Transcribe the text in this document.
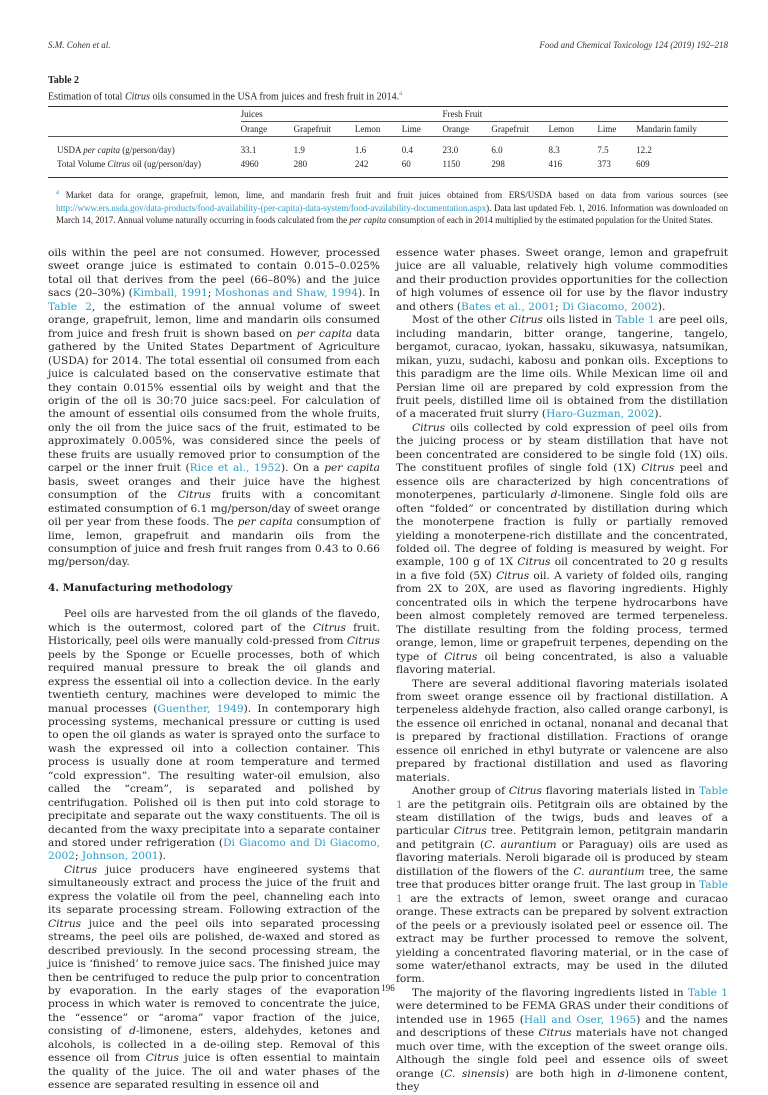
S.M. Cohen et al.	Food and Chemical Toxicology 124 (2019) 192–218
Table 2
Estimation of total Citrus oils consumed in the USA from juices and fresh fruit in 2014.$^a$
	Juices				Fresh Fruit				
	Orange	Grapefruit	Lemon	Lime	Orange	Grapefruit	Lemon	Lime	Mandarin family

USDA per capita (g/person/day)	33.1	1.9	1.6	0.4	23.0	6.0	8.3	7.5	12.2
Total Volume Citrus oil (ug/person/day)	4960	280	242	60	1150	298	416	373	609

$^a$ Market data for orange, grapefruit, lemon, lime, and mandarin fresh fruit and fruit juices obtained from ERS/USDA based on data from various sources (see http://www.ers.usda.gov/data-products/food-availability-(per-capita)-data-system/food-availability-documentation.aspx). Data last updated Feb. 1, 2016. Information was downloaded on March 14, 2017. Annual volume naturally occurring in foods calculated from the per capita consumption of each in 2014 multiplied by the estimated population for the United States.

oils within the peel are not consumed. However, processed sweet orange juice is estimated to contain 0.015–0.025% total oil that derives from the peel (66–80%) and the juice sacs (20–30%) (Kimball, 1991; Moshonas and Shaw, 1994). In Table 2, the estimation of the annual volume of sweet orange, grapefruit, lemon, lime and mandarin oils consumed from juice and fresh fruit is shown based on per capita data gathered by the United States Department of Agriculture (USDA) for 2014. The total essential oil consumed from each juice is calculated based on the conservative estimate that they contain 0.015% essential oils by weight and that the origin of the oil is 30:70 juice sacs:peel. For calculation of the amount of essential oils consumed from the whole fruits, only the oil from the juice sacs of the fruit, estimated to be approximately 0.005%, was considered since the peels of these fruits are usually removed prior to consumption of the carpel or the inner fruit (Rice et al., 1952). On a per capita basis, sweet oranges and their juice have the highest consumption of the Citrus fruits with a concomitant estimated consumption of 6.1 mg/person/day of sweet orange oil per year from these foods. The per capita consumption of lime, lemon, grapefruit and mandarin oils from the consumption of juice and fresh fruit ranges from 0.43 to 0.66 mg/person/day.

4. Manufacturing methodology

Peel oils are harvested from the oil glands of the flavedo, which is the outermost, colored part of the Citrus fruit. Historically, peel oils were manually cold-pressed from Citrus peels by the Sponge or Ecuelle processes, both of which required manual pressure to break the oil glands and express the essential oil into a collection device. In the early twentieth century, machines were developed to mimic the manual processes (Guenther, 1949). In contemporary high processing systems, mechanical pressure or cutting is used to open the oil glands as water is sprayed onto the surface to wash the expressed oil into a collection container. This process is usually done at room temperature and termed “cold expression”. The resulting water-oil emulsion, also called the “cream”, is separated and polished by centrifugation. Polished oil is then put into cold storage to precipitate and separate out the waxy constituents. The oil is decanted from the waxy precipitate into a separate container and stored under refrigeration (Di Giacomo and Di Giacomo, 2002; Johnson, 2001).

Citrus juice producers have engineered systems that simultaneously extract and process the juice of the fruit and express the volatile oil from the peel, channeling each into its separate processing stream. Following extraction of the Citrus juice and the peel oils into separated processing streams, the peel oils are polished, de-waxed and stored as described previously. In the second processing stream, the juice is ‘finished’ to remove juice sacs. The finished juice may then be centrifuged to reduce the pulp prior to concentration by evaporation. In the early stages of the evaporation process in which water is removed to concentrate the juice, the “essence” or “aroma” vapor fraction of the juice, consisting of d-limonene, esters, aldehydes, ketones and alcohols, is collected in a de-oiling step. Removal of this essence oil from Citrus juice is often essential to maintain the quality of the juice. The oil and water phases of the essence are separated resulting in essence oil and

essence water phases. Sweet orange, lemon and grapefruit juice are all valuable, relatively high volume commodities and their production provides opportunities for the collection of high volumes of essence oil for use by the flavor industry and others (Bates et al., 2001; Di Giacomo, 2002).

Most of the other Citrus oils listed in Table 1 are peel oils, including mandarin, bitter orange, tangerine, tangelo, bergamot, curacao, iyokan, hassaku, sikuwasya, natsumikan, mikan, yuzu, sudachi, kabosu and ponkan oils. Exceptions to this paradigm are the lime oils. While Mexican lime oil and Persian lime oil are prepared by cold expression from the fruit peels, distilled lime oil is obtained from the distillation of a macerated fruit slurry (Haro-Guzman, 2002).

Citrus oils collected by cold expression of peel oils from the juicing process or by steam distillation that have not been concentrated are considered to be single fold (1X) oils. The constituent profiles of single fold (1X) Citrus peel and essence oils are characterized by high concentrations of monoterpenes, particularly d-limonene. Single fold oils are often “folded” or concentrated by distillation during which the monoterpene fraction is fully or partially removed yielding a monoterpene-rich distillate and the concentrated, folded oil. The degree of folding is measured by weight. For example, 100 g of 1X Citrus oil concentrated to 20 g results in a five fold (5X) Citrus oil. A variety of folded oils, ranging from 2X to 20X, are used as flavoring ingredients. Highly concentrated oils in which the terpene hydrocarbons have been almost completely removed are termed terpeneless. The distillate resulting from the folding process, termed orange, lemon, lime or grapefruit terpenes, depending on the type of Citrus oil being concentrated, is also a valuable flavoring material.

There are several additional flavoring materials isolated from sweet orange essence oil by fractional distillation. A terpeneless aldehyde fraction, also called orange carbonyl, is the essence oil enriched in octanal, nonanal and decanal that is prepared by fractional distillation. Fractions of orange essence oil enriched in ethyl butyrate or valencene are also prepared by fractional distillation and used as flavoring materials.

Another group of Citrus flavoring materials listed in Table 1 are the petitgrain oils. Petitgrain oils are obtained by the steam distillation of the twigs, buds and leaves of a particular Citrus tree. Petitgrain lemon, petitgrain mandarin and petitgrain (C. aurantium or Paraguay) oils are used as flavoring materials. Neroli bigarade oil is produced by steam distillation of the flowers of the C. aurantium tree, the same tree that produces bitter orange fruit. The last group in Table 1 are the extracts of lemon, sweet orange and curacao orange. These extracts can be prepared by solvent extraction of the peels or a previously isolated peel or essence oil. The extract may be further processed to remove the solvent, yielding a concentrated flavoring material, or in the case of some water/ethanol extracts, may be used in the diluted form.

The majority of the flavoring ingredients listed in Table 1 were determined to be FEMA GRAS under their conditions of intended use in 1965 (Hall and Oser, 1965) and the names and descriptions of these Citrus materials have not changed much over time, with the exception of the sweet orange oils. Although the single fold peel and essence oils of sweet orange (C. sinensis) are both high in d-limonene content, they

196
